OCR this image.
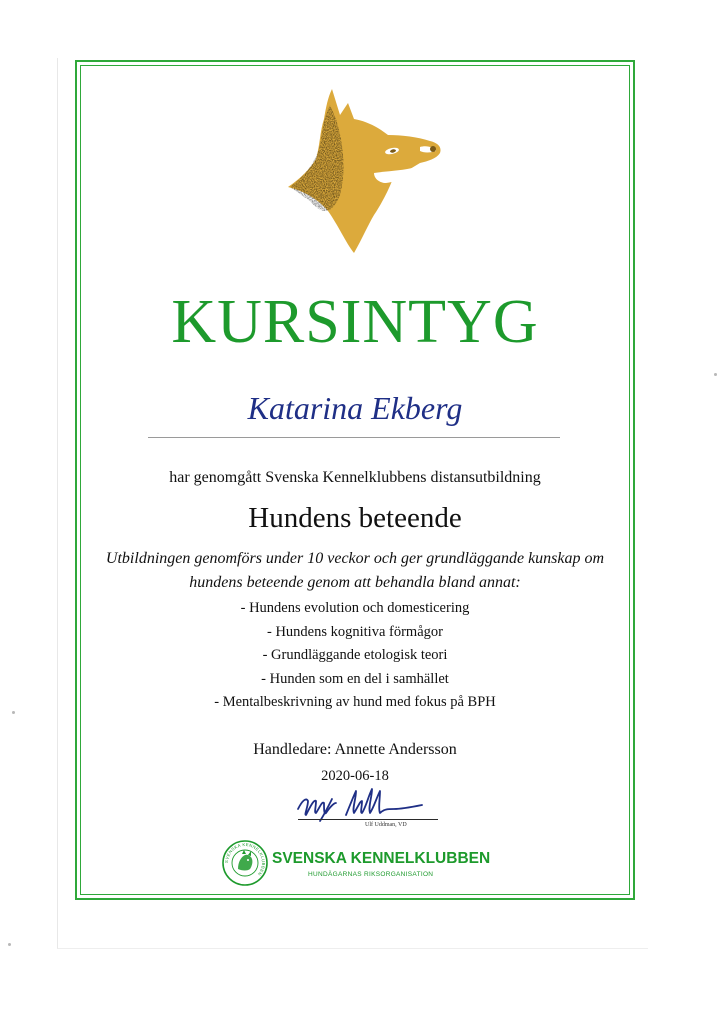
KURSINTYG
Katarina Ekberg
har genomgått Svenska Kennelklubbens distansutbildning
Hundens beteende
Utbildningen genomförs under 10 veckor och ger grundläggande kunskap om
hundens beteende genom att behandla bland annat:
- Hundens evolution och domesticering
- Hundens kognitiva förmågor
- Grundläggande etologisk teori
- Hunden som en del i samhället
- Mentalbeskrivning av hund med fokus på BPH
Handledare: Annette Andersson
2020-06-18
Ulf Uddman, VD
SVENSKA KENNELKLUBBEN
SVENSKA KENNELKLUBBEN
HUNDÄGARNAS RIKSORGANISATION
